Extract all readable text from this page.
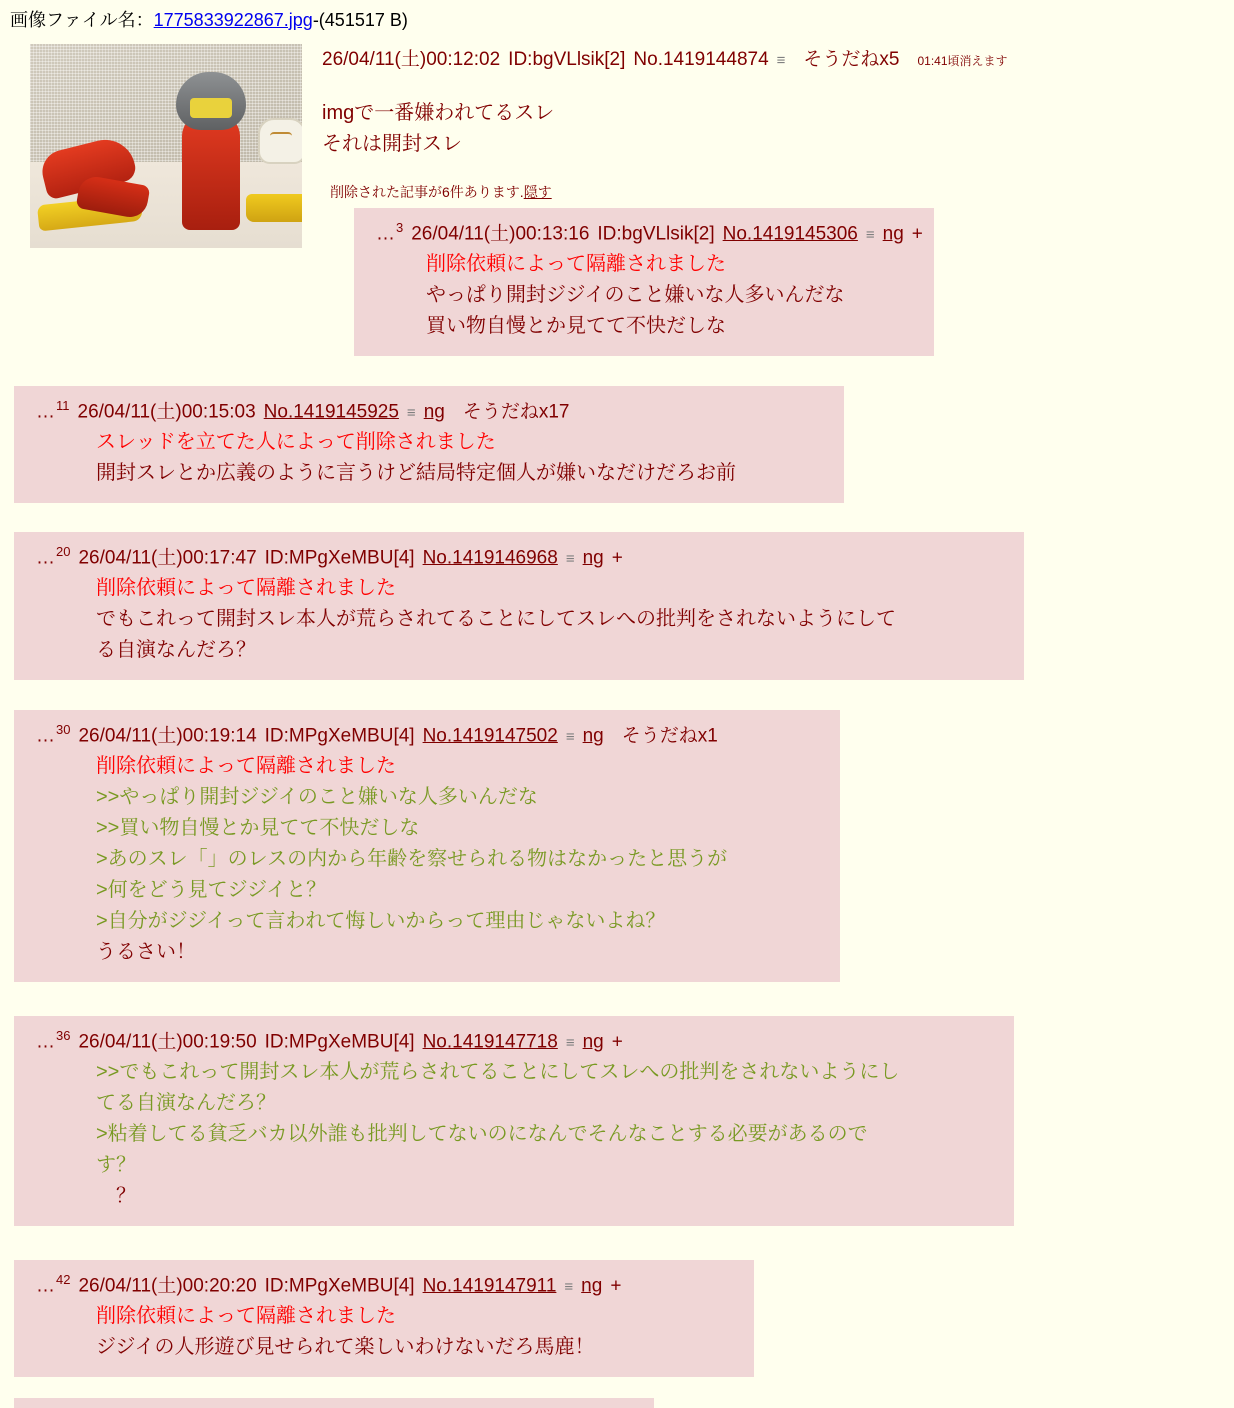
画像ファイル名：1775833922867.jpg-(451517 B)
26/04/11(土)00:12:02 ID:bgVLlsik[2] No.1419144874 ≡ そうだねx5 01:41頃消えます
imgで一番嫌われてるスレ
それは開封スレ
削除された記事が6件あります.隠す
…$^3$ 26/04/11(土)00:13:16 ID:bgVLlsik[2] No.1419145306 ≡ ng +
削除依頼によって隔離されました
やっぱり開封ジジイのこと嫌いな人多いんだな
買い物自慢とか見てて不快だしな
…$^{11}$ 26/04/11(土)00:15:03 No.1419145925 ≡ ng そうだねx17
スレッドを立てた人によって削除されました
開封スレとか広義のように言うけど結局特定個人が嫌いなだけだろお前
…$^{20}$ 26/04/11(土)00:17:47 ID:MPgXeMBU[4] No.1419146968 ≡ ng +
削除依頼によって隔離されました
でもこれって開封スレ本人が荒らされてることにしてスレへの批判をされないようにして
る自演なんだろ？
…$^{30}$ 26/04/11(土)00:19:14 ID:MPgXeMBU[4] No.1419147502 ≡ ng そうだねx1
削除依頼によって隔離されました
>>やっぱり開封ジジイのこと嫌いな人多いんだな
>>買い物自慢とか見てて不快だしな
>あのスレ「」のレスの内から年齢を察せられる物はなかったと思うが
>何をどう見てジジイと？
>自分がジジイって言われて悔しいからって理由じゃないよね？
うるさい！
…$^{36}$ 26/04/11(土)00:19:50 ID:MPgXeMBU[4] No.1419147718 ≡ ng +
>>でもこれって開封スレ本人が荒らされてることにしてスレへの批判をされないようにし
てる自演なんだろ？
>粘着してる貧乏バカ以外誰も批判してないのになんでそんなことする必要があるので
す？
　？
…$^{42}$ 26/04/11(土)00:20:20 ID:MPgXeMBU[4] No.1419147911 ≡ ng +
削除依頼によって隔離されました
ジジイの人形遊び見せられて楽しいわけないだろ馬鹿！
